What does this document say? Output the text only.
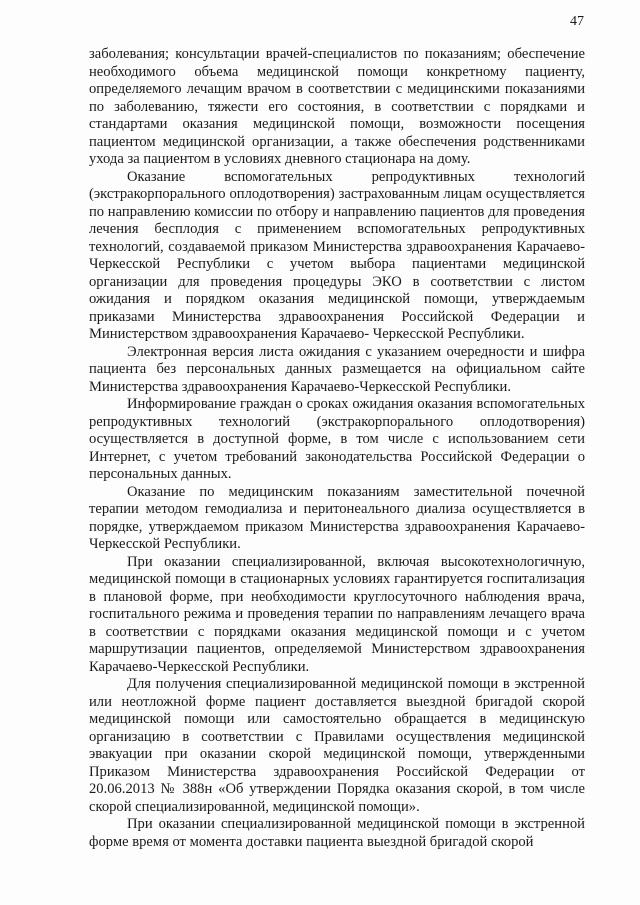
47

заболевания; консультации врачей-специалистов по показаниям; обеспечение необходимого объема медицинской помощи конкретному пациенту, определяемого лечащим врачом в соответствии с медицинскими показаниями по заболеванию, тяжести его состояния, в соответствии с порядками и стандартами оказания медицинской помощи, возможности посещения пациентом медицинской организации, а также обеспечения родственниками ухода за пациентом в условиях дневного стационара на дому.

Оказание вспомогательных репродуктивных технологий (экстракорпорального оплодотворения) застрахованным лицам осуществляется по направлению комиссии по отбору и направлению пациентов для проведения лечения бесплодия с применением вспомогательных репродуктивных технологий, создаваемой приказом Министерства здравоохранения Карачаево-Черкесской Республики с учетом выбора пациентами медицинской организации для проведения процедуры ЭКО в соответствии с листом ожидания и порядком оказания медицинской помощи, утверждаемым приказами Министерства здравоохранения Российской Федерации и Министерством здравоохранения Карачаево- Черкесской Республики.

Электронная версия листа ожидания с указанием очередности и шифра пациента без персональных данных размещается на официальном сайте Министерства здравоохранения Карачаево-Черкесской Республики.

Информирование граждан о сроках ожидания оказания вспомогательных репродуктивных технологий (экстракорпорального оплодотворения) осуществляется в доступной форме, в том числе с использованием сети Интернет, с учетом требований законодательства Российской Федерации о персональных данных.

Оказание по медицинским показаниям заместительной почечной терапии методом гемодиализа и перитонеального диализа осуществляется в порядке, утверждаемом приказом Министерства здравоохранения Карачаево-Черкесской Республики.

При оказании специализированной, включая высокотехнологичную, медицинской помощи в стационарных условиях гарантируется госпитализация в плановой форме, при необходимости круглосуточного наблюдения врача, госпитального режима и проведения терапии по направлениям лечащего врача в соответствии с порядками оказания медицинской помощи и с учетом маршрутизации пациентов, определяемой Министерством здравоохранения Карачаево-Черкесской Республики.

Для получения специализированной медицинской помощи в экстренной или неотложной форме пациент доставляется выездной бригадой скорой медицинской помощи или самостоятельно обращается в медицинскую организацию в соответствии с Правилами осуществления медицинской эвакуации при оказании скорой медицинской помощи, утвержденными Приказом Министерства здравоохранения Российской Федерации от 20.06.2013 № 388н «Об утверждении Порядка оказания скорой, в том числе скорой специализированной, медицинской помощи».

При оказании специализированной медицинской помощи в экстренной форме время от момента доставки пациента выездной бригадой скорой
